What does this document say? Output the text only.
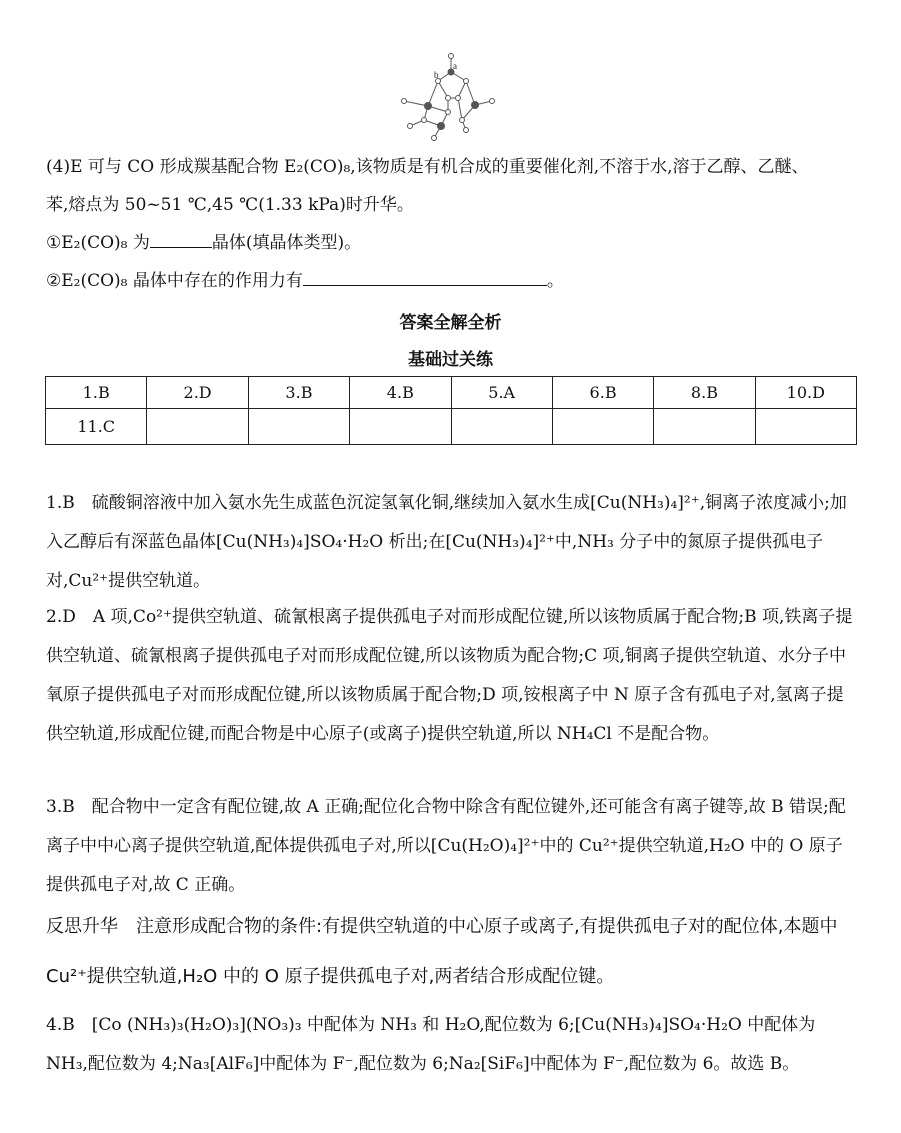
a
b

(4)E 可与 CO 形成羰基配合物 E₂(CO)₈,该物质是有机合成的重要催化剂,不溶于水,溶于乙醇、乙醚、

苯,熔点为 50~51 ℃,45 ℃(1.33 kPa)时升华。

①E₂(CO)₈ 为	晶体(填晶体类型)。

②E₂(CO)₈ 晶体中存在的作用力有	。

答案全解全析

基础过关练

1.B	2.D	3.B	4.B	5.A	6.B	8.B	10.D
11.C							

1.B　硫酸铜溶液中加入氨水先生成蓝色沉淀氢氧化铜,继续加入氨水生成[Cu(NH₃)₄]²⁺,铜离子浓度减小;加入乙醇后有深蓝色晶体[Cu(NH₃)₄]SO₄·H₂O 析出;在[Cu(NH₃)₄]²⁺中,NH₃ 分子中的氮原子提供孤电子对,Cu²⁺提供空轨道。

2.D　A 项,Co²⁺提供空轨道、硫氰根离子提供孤电子对而形成配位键,所以该物质属于配合物;B 项,铁离子提供空轨道、硫氰根离子提供孤电子对而形成配位键,所以该物质为配合物;C 项,铜离子提供空轨道、水分子中氧原子提供孤电子对而形成配位键,所以该物质属于配合物;D 项,铵根离子中 N 原子含有孤电子对,氢离子提供空轨道,形成配位键,而配合物是中心原子(或离子)提供空轨道,所以 NH₄Cl 不是配合物。

3.B　配合物中一定含有配位键,故 A 正确;配位化合物中除含有配位键外,还可能含有离子键等,故 B 错误;配离子中中心离子提供空轨道,配体提供孤电子对,所以[Cu(H₂O)₄]²⁺中的 Cu²⁺提供空轨道,H₂O 中的 O 原子提供孤电子对,故 C 正确。

反思升华　注意形成配合物的条件:有提供空轨道的中心原子或离子,有提供孤电子对的配位体,本题中 Cu²⁺提供空轨道,H₂O 中的 O 原子提供孤电子对,两者结合形成配位键。

4.B　[Co (NH₃)₃(H₂O)₃](NO₃)₃ 中配体为 NH₃ 和 H₂O,配位数为 6;[Cu(NH₃)₄]SO₄·H₂O 中配体为 NH₃,配位数为 4;Na₃[AlF₆]中配体为 F⁻,配位数为 6;Na₂[SiF₆]中配体为 F⁻,配位数为 6。故选 B。
